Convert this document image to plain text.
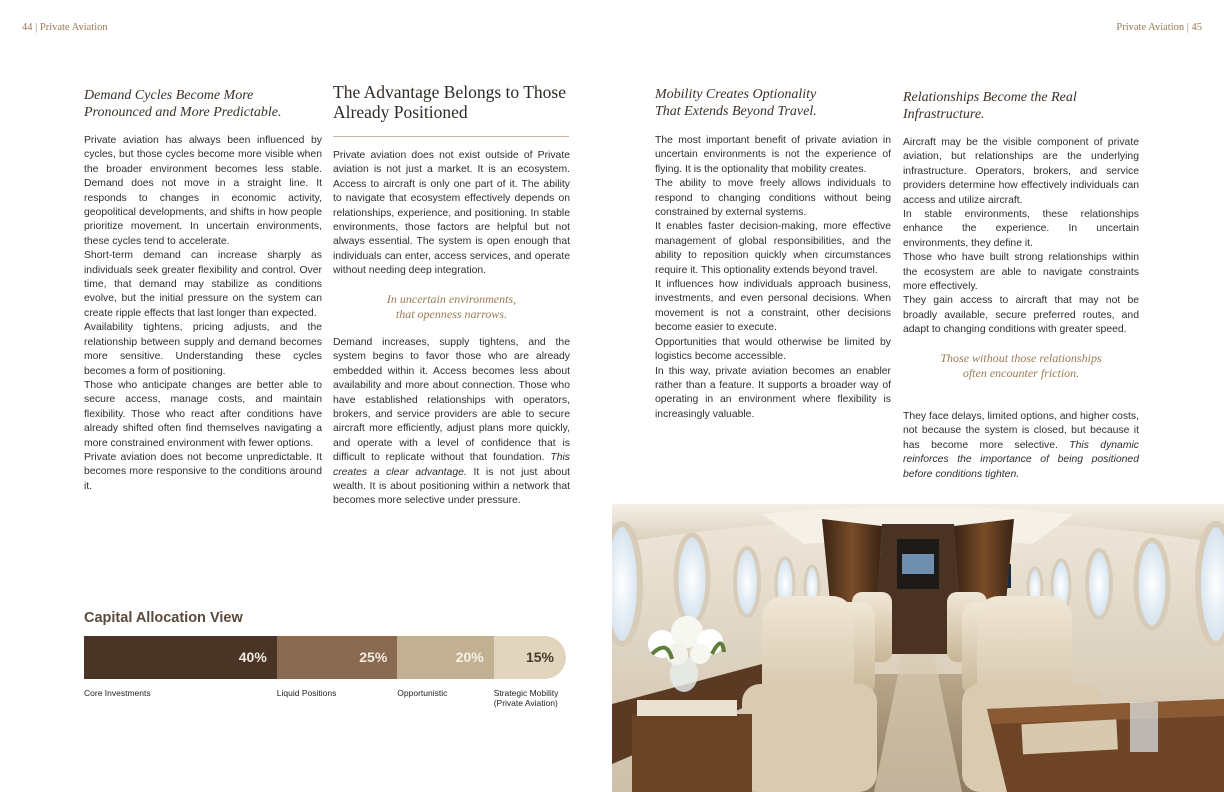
44 | Private Aviation	Private Aviation | 45
Demand Cycles Become More Pronounced and More Predictable.

Private aviation has always been influenced by cycles, but those cycles become more visible when the broader environment becomes less stable. Demand does not move in a straight line. It responds to changes in economic activity, geopolitical developments, and shifts in how people prioritize movement. In uncertain environments, these cycles tend to accelerate.

Short-term demand can increase sharply as individuals seek greater flexibility and control. Over time, that demand may stabilize as conditions evolve, but the initial pressure on the system can create ripple effects that last longer than expected.

Availability tightens, pricing adjusts, and the relationship between supply and demand becomes more sensitive. Understanding these cycles becomes a form of positioning.

Those who anticipate changes are better able to secure access, manage costs, and maintain flexibility. Those who react after conditions have already shifted often find themselves navigating a more constrained environment with fewer options.

Private aviation does not become unpredictable. It becomes more responsive to the conditions around it.

The Advantage Belongs to Those Already Positioned

Private aviation does not exist outside of Private aviation is not just a market. It is an ecosystem. Access to aircraft is only one part of it. The ability to navigate that ecosystem effectively depends on relationships, experience, and positioning. In stable environments, those factors are helpful but not always essential. The system is open enough that individuals can enter, access services, and operate without needing deep integration.

In uncertain environments,
that openness narrows.

Demand increases, supply tightens, and the system begins to favor those who are already embedded within it. Access becomes less about availability and more about connection. Those who have established relationships with operators, brokers, and service providers are able to secure aircraft more efficiently, adjust plans more quickly, and operate with a level of confidence that is difficult to replicate without that foundation. This creates a clear advantage. It is not just about wealth. It is about positioning within a network that becomes more selective under pressure.

Mobility Creates Optionality
That Extends Beyond Travel.

The most important benefit of private aviation in uncertain environments is not the experience of flying. It is the optionality that mobility creates.

The ability to move freely allows individuals to respond to changing conditions without being constrained by external systems.

It enables faster decision-making, more effective management of global responsibilities, and the ability to reposition quickly when circumstances require it. This optionality extends beyond travel.

It influences how individuals approach business, investments, and even personal decisions. When movement is not a constraint, other decisions become easier to execute.

Opportunities that would otherwise be limited by logistics become accessible.

In this way, private aviation becomes an enabler rather than a feature. It supports a broader way of operating in an environment where flexibility is increasingly valuable.

Relationships Become the Real
Infrastructure.

Aircraft may be the visible component of private aviation, but relationships are the underlying infrastructure. Operators, brokers, and service providers determine how effectively individuals can access and utilize aircraft.

In stable environments, these relationships enhance the experience. In uncertain environments, they define it.

Those who have built strong relationships within the ecosystem are able to navigate constraints more effectively.

They gain access to aircraft that may not be broadly available, secure preferred routes, and adapt to changing conditions with greater speed.

Those without those relationships
often encounter friction.

They face delays, limited options, and higher costs, not because the system is closed, but because it has become more selective. This dynamic reinforces the importance of being positioned before conditions tighten.

Capital Allocation View
40%	25%	20%	15%
Core Investments	Liquid Positions	Opportunistic	Strategic Mobility
(Private Aviation)
